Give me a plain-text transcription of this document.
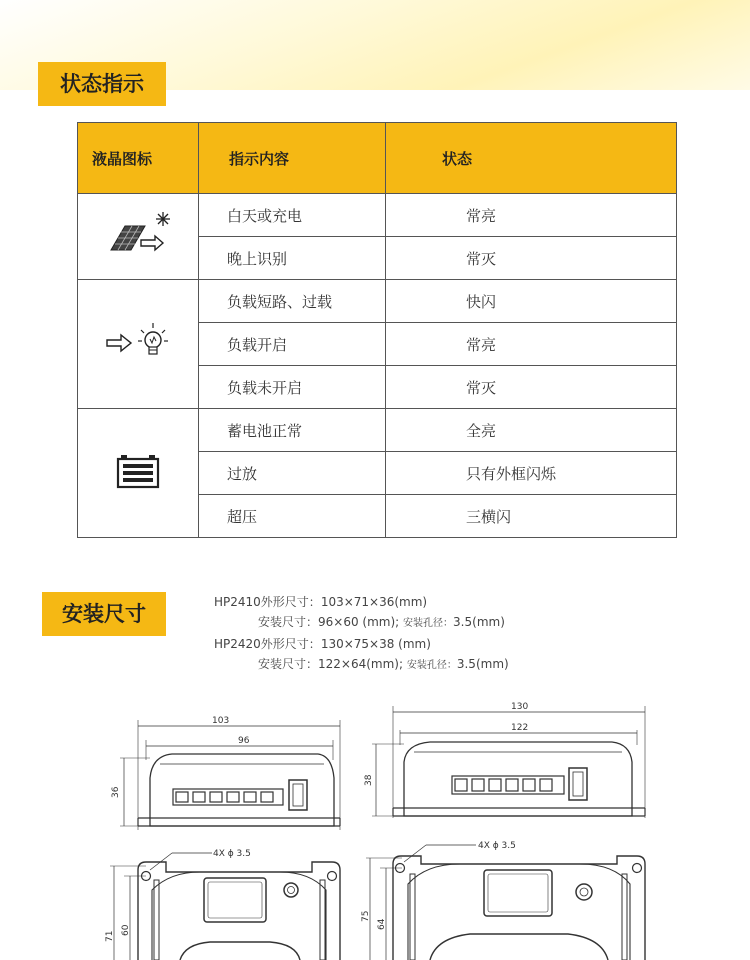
状态指示
液晶图标	指示内容	状态
	白天或充电	常亮
	晚上识别	常灭
	负载短路、过载	快闪
	负载开启	常亮
	负载未开启	常灭
	蓄电池正常	全亮
	过放	只有外框闪烁
	超压	三横闪
安装尺寸	HP2410外形尺寸：103×71×36(mm)
安装尺寸：96×60 (mm); 安装孔径：3.5(mm)
HP2420外形尺寸：130×75×38 (mm)
安装尺寸：122×64(mm); 安装孔径：3.5(mm)
103
96
36
4X ϕ 3.5
71
60
130
122
38
4X ϕ 3.5
75
64
